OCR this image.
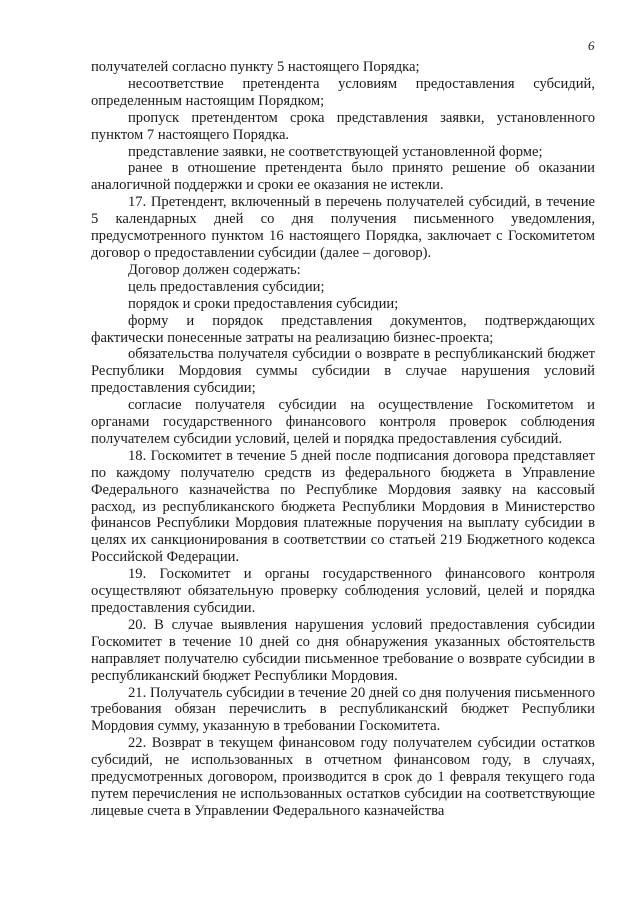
6

получателей согласно пункту 5 настоящего Порядка;

несоответствие претендента условиям предоставления субсидий, определенным настоящим Порядком;

пропуск претендентом срока представления заявки, установленного пунктом 7 настоящего Порядка.

представление заявки, не соответствующей установленной форме;

ранее в отношение претендента было принято решение об оказании аналогичной поддержки и сроки ее оказания не истекли.

17. Претендент, включенный в перечень получателей субсидий, в течение 5 календарных дней со дня получения письменного уведомления, предусмотренного пунктом 16 настоящего Порядка, заключает с Госкомитетом договор о предоставлении субсидии (далее – договор).

Договор должен содержать:

цель предоставления субсидии;

порядок и сроки предоставления субсидии;

форму и порядок представления документов, подтверждающих фактически понесенные затраты на реализацию бизнес-проекта;

обязательства получателя субсидии о возврате в республиканский бюджет Республики Мордовия суммы субсидии в случае нарушения условий предоставления субсидии;

согласие получателя субсидии на осуществление Госкомитетом и органами государственного финансового контроля проверок соблюдения получателем субсидии условий, целей и порядка предоставления субсидий.

18. Госкомитет в течение 5 дней после подписания договора представляет по каждому получателю средств из федерального бюджета в Управление Федерального казначейства по Республике Мордовия заявку на кассовый расход, из республиканского бюджета Республики Мордовия в Министерство финансов Республики Мордовия платежные поручения на выплату субсидии в целях их санкционирования в соответствии со статьей 219 Бюджетного кодекса Российской Федерации.

19. Госкомитет и органы государственного финансового контроля осуществляют обязательную проверку соблюдения условий, целей и порядка предоставления субсидии.

20. В случае выявления нарушения условий предоставления субсидии Госкомитет в течение 10 дней со дня обнаружения указанных обстоятельств направляет получателю субсидии письменное требование о возврате субсидии в республиканский бюджет Республики Мордовия.

21. Получатель субсидии в течение 20 дней со дня получения письменного требования обязан перечислить в республиканский бюджет Республики Мордовия сумму, указанную в требовании Госкомитета.

22. Возврат в текущем финансовом году получателем субсидии остатков субсидий, не использованных в отчетном финансовом году, в случаях, предусмотренных договором, производится в срок до 1 февраля текущего года путем перечисления не использованных остатков субсидии на соответствующие лицевые счета в Управлении Федерального казначейства
